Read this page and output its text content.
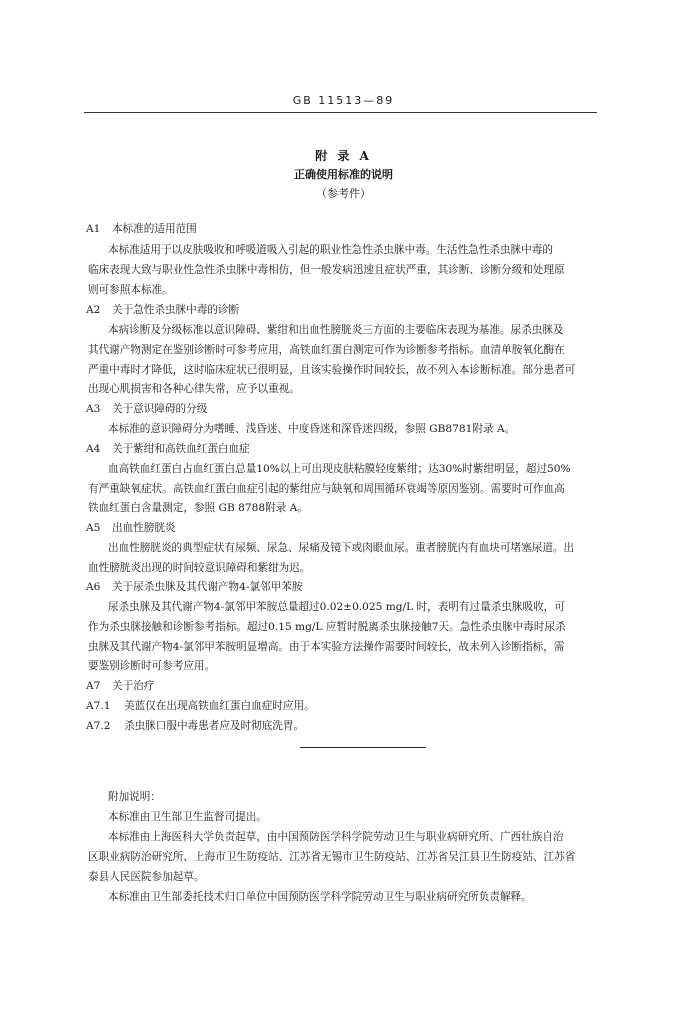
GB 11513—89
附 录 A
正确使用标准的说明
（参考件）
A1 本标准的适用范围
本标准适用于以皮肤吸收和呼吸道吸入引起的职业性急性杀虫脒中毒。生活性急性杀虫脒中毒的
临床表现大致与职业性急性杀虫脒中毒相仿，但一般发病迅速且症状严重，其诊断、诊断分级和处理原
则可参照本标准。
A2 关于急性杀虫脒中毒的诊断
本病诊断及分级标准以意识障碍、紫绀和出血性膀胱炎三方面的主要临床表现为基准。尿杀虫脒及
其代谢产物测定在鉴别诊断时可参考应用，高铁血红蛋白测定可作为诊断参考指标。血清单胺氧化酶在
严重中毒时才降低，这时临床症状已很明显，且该实验操作时间较长，故不列入本诊断标准。部分患者可
出现心肌损害和各种心律失常，应予以重视。
A3 关于意识障碍的分级
本标准的意识障碍分为嗜睡、浅昏迷、中度昏迷和深昏迷四级，参照 GB8781附录 A。
A4 关于紫绀和高铁血红蛋白血症
血高铁血红蛋白占血红蛋白总量10%以上可出现皮肤粘膜轻度紫绀；达30%时紫绀明显，超过50%
有严重缺氧症状。高铁血红蛋白血症引起的紫绀应与缺氧和周围循环衰竭等原因鉴别。需要时可作血高
铁血红蛋白含量测定，参照 GB 8788附录 A。
A5 出血性膀胱炎
出血性膀胱炎的典型症状有尿频、尿急、尿痛及镜下或肉眼血尿。重者膀胱内有血块可堵塞尿道。出
血性膀胱炎出现的时间较意识障碍和紫绀为迟。
A6 关于尿杀虫脒及其代谢产物4-氯邻甲苯胺
尿杀虫脒及其代谢产物4-氯邻甲苯胺总量超过0.02±0.025 mg/L 时，表明有过量杀虫脒吸收，可
作为杀虫脒接触和诊断参考指标。超过0.15 mg/L 应暂时脱离杀虫脒接触7天。急性杀虫脒中毒时尿杀
虫脒及其代谢产物4-氯邻甲苯胺明显增高。由于本实验方法操作需要时间较长，故未列入诊断指标，需
要鉴别诊断时可参考应用。
A7 关于治疗
A7.1 美蓝仅在出现高铁血红蛋白血症时应用。
A7.2 杀虫脒口服中毒患者应及时彻底洗胃。
附加说明：
本标准由卫生部卫生监督司提出。
本标准由上海医科大学负责起草，由中国预防医学科学院劳动卫生与职业病研究所、广西壮族自治
区职业病防治研究所、上海市卫生防疫站、江苏省无锡市卫生防疫站、江苏省吴江县卫生防疫站、江苏省
泰县人民医院参加起草。
本标准由卫生部委托技术归口单位中国预防医学科学院劳动卫生与职业病研究所负责解释。
